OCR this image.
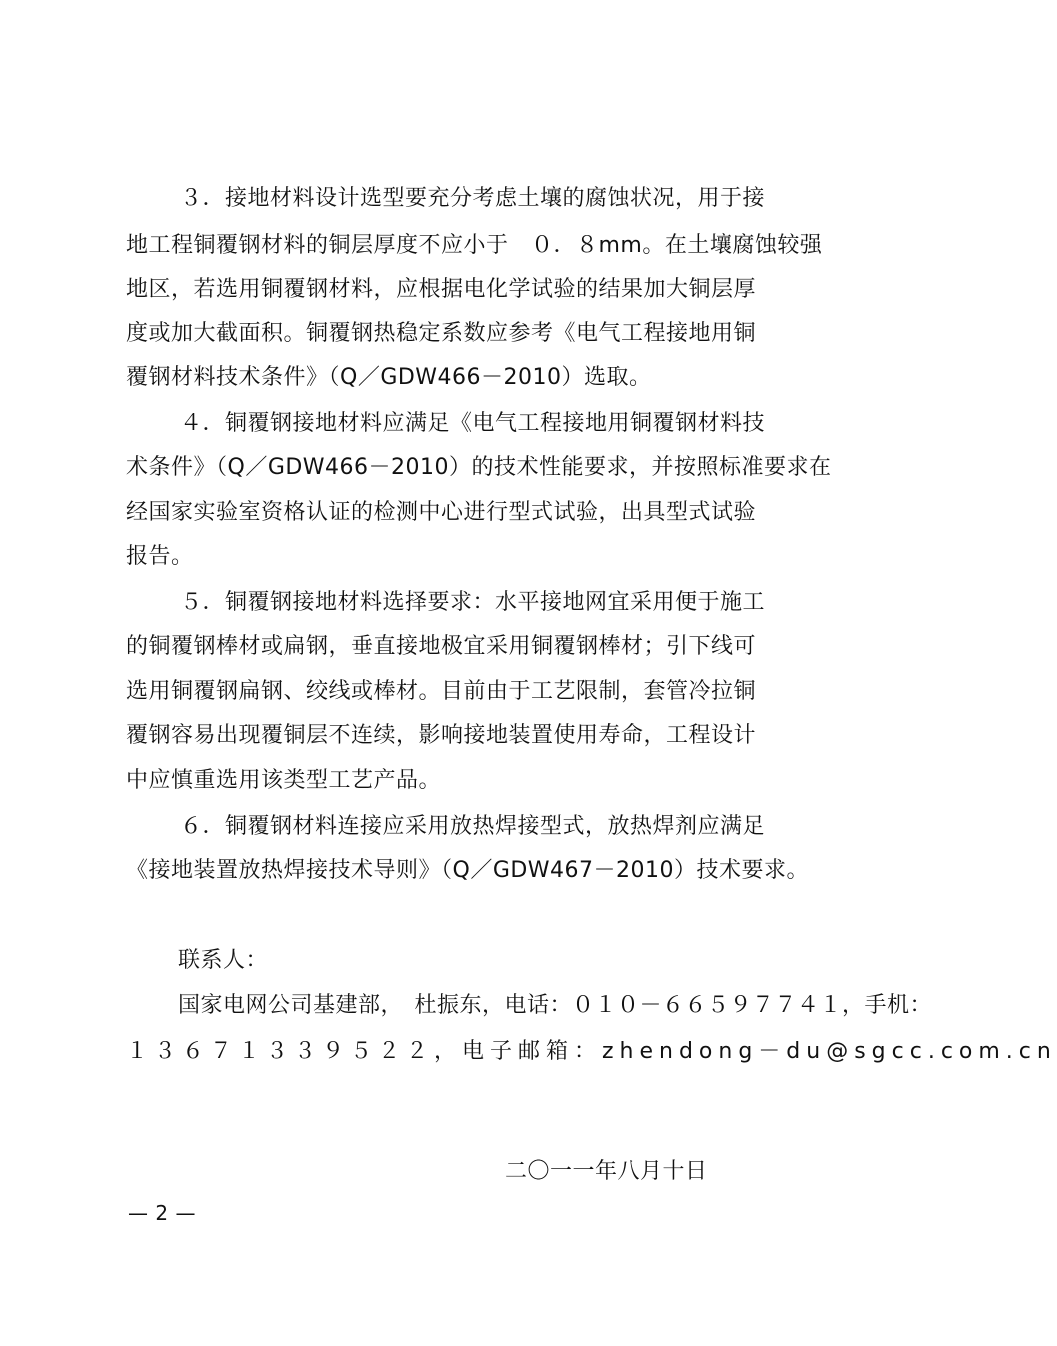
３．接地材料设计选型要充分考虑土壤的腐蚀状况，用于接
地工程铜覆钢材料的铜层厚度不应小于　０．８mm。在土壤腐蚀较强
地区，若选用铜覆钢材料，应根据电化学试验的结果加大铜层厚
度或加大截面积。铜覆钢热稳定系数应参考《电气工程接地用铜
覆钢材料技术条件》（Q／GDW466－2010）选取。
４．铜覆钢接地材料应满足《电气工程接地用铜覆钢材料技
术条件》（Q／GDW466－2010）的技术性能要求，并按照标准要求在
经国家实验室资格认证的检测中心进行型式试验，出具型式试验
报告。
５．铜覆钢接地材料选择要求：水平接地网宜采用便于施工
的铜覆钢棒材或扁钢，垂直接地极宜采用铜覆钢棒材；引下线可
选用铜覆钢扁钢、绞线或棒材。目前由于工艺限制，套管冷拉铜
覆钢容易出现覆铜层不连续，影响接地装置使用寿命，工程设计
中应慎重选用该类型工艺产品。
６．铜覆钢材料连接应采用放热焊接型式，放热焊剂应满足
《接地装置放热焊接技术导则》（Q／GDW467－2010）技术要求。
联系人：
国家电网公司基建部，　杜振东，电话：０１０－６６５９７７４１，手机：
１３６７１３３９５２２，电子邮箱：zhendong－du@sgcc.com.cn
二〇一一年八月十日
— 2 —
